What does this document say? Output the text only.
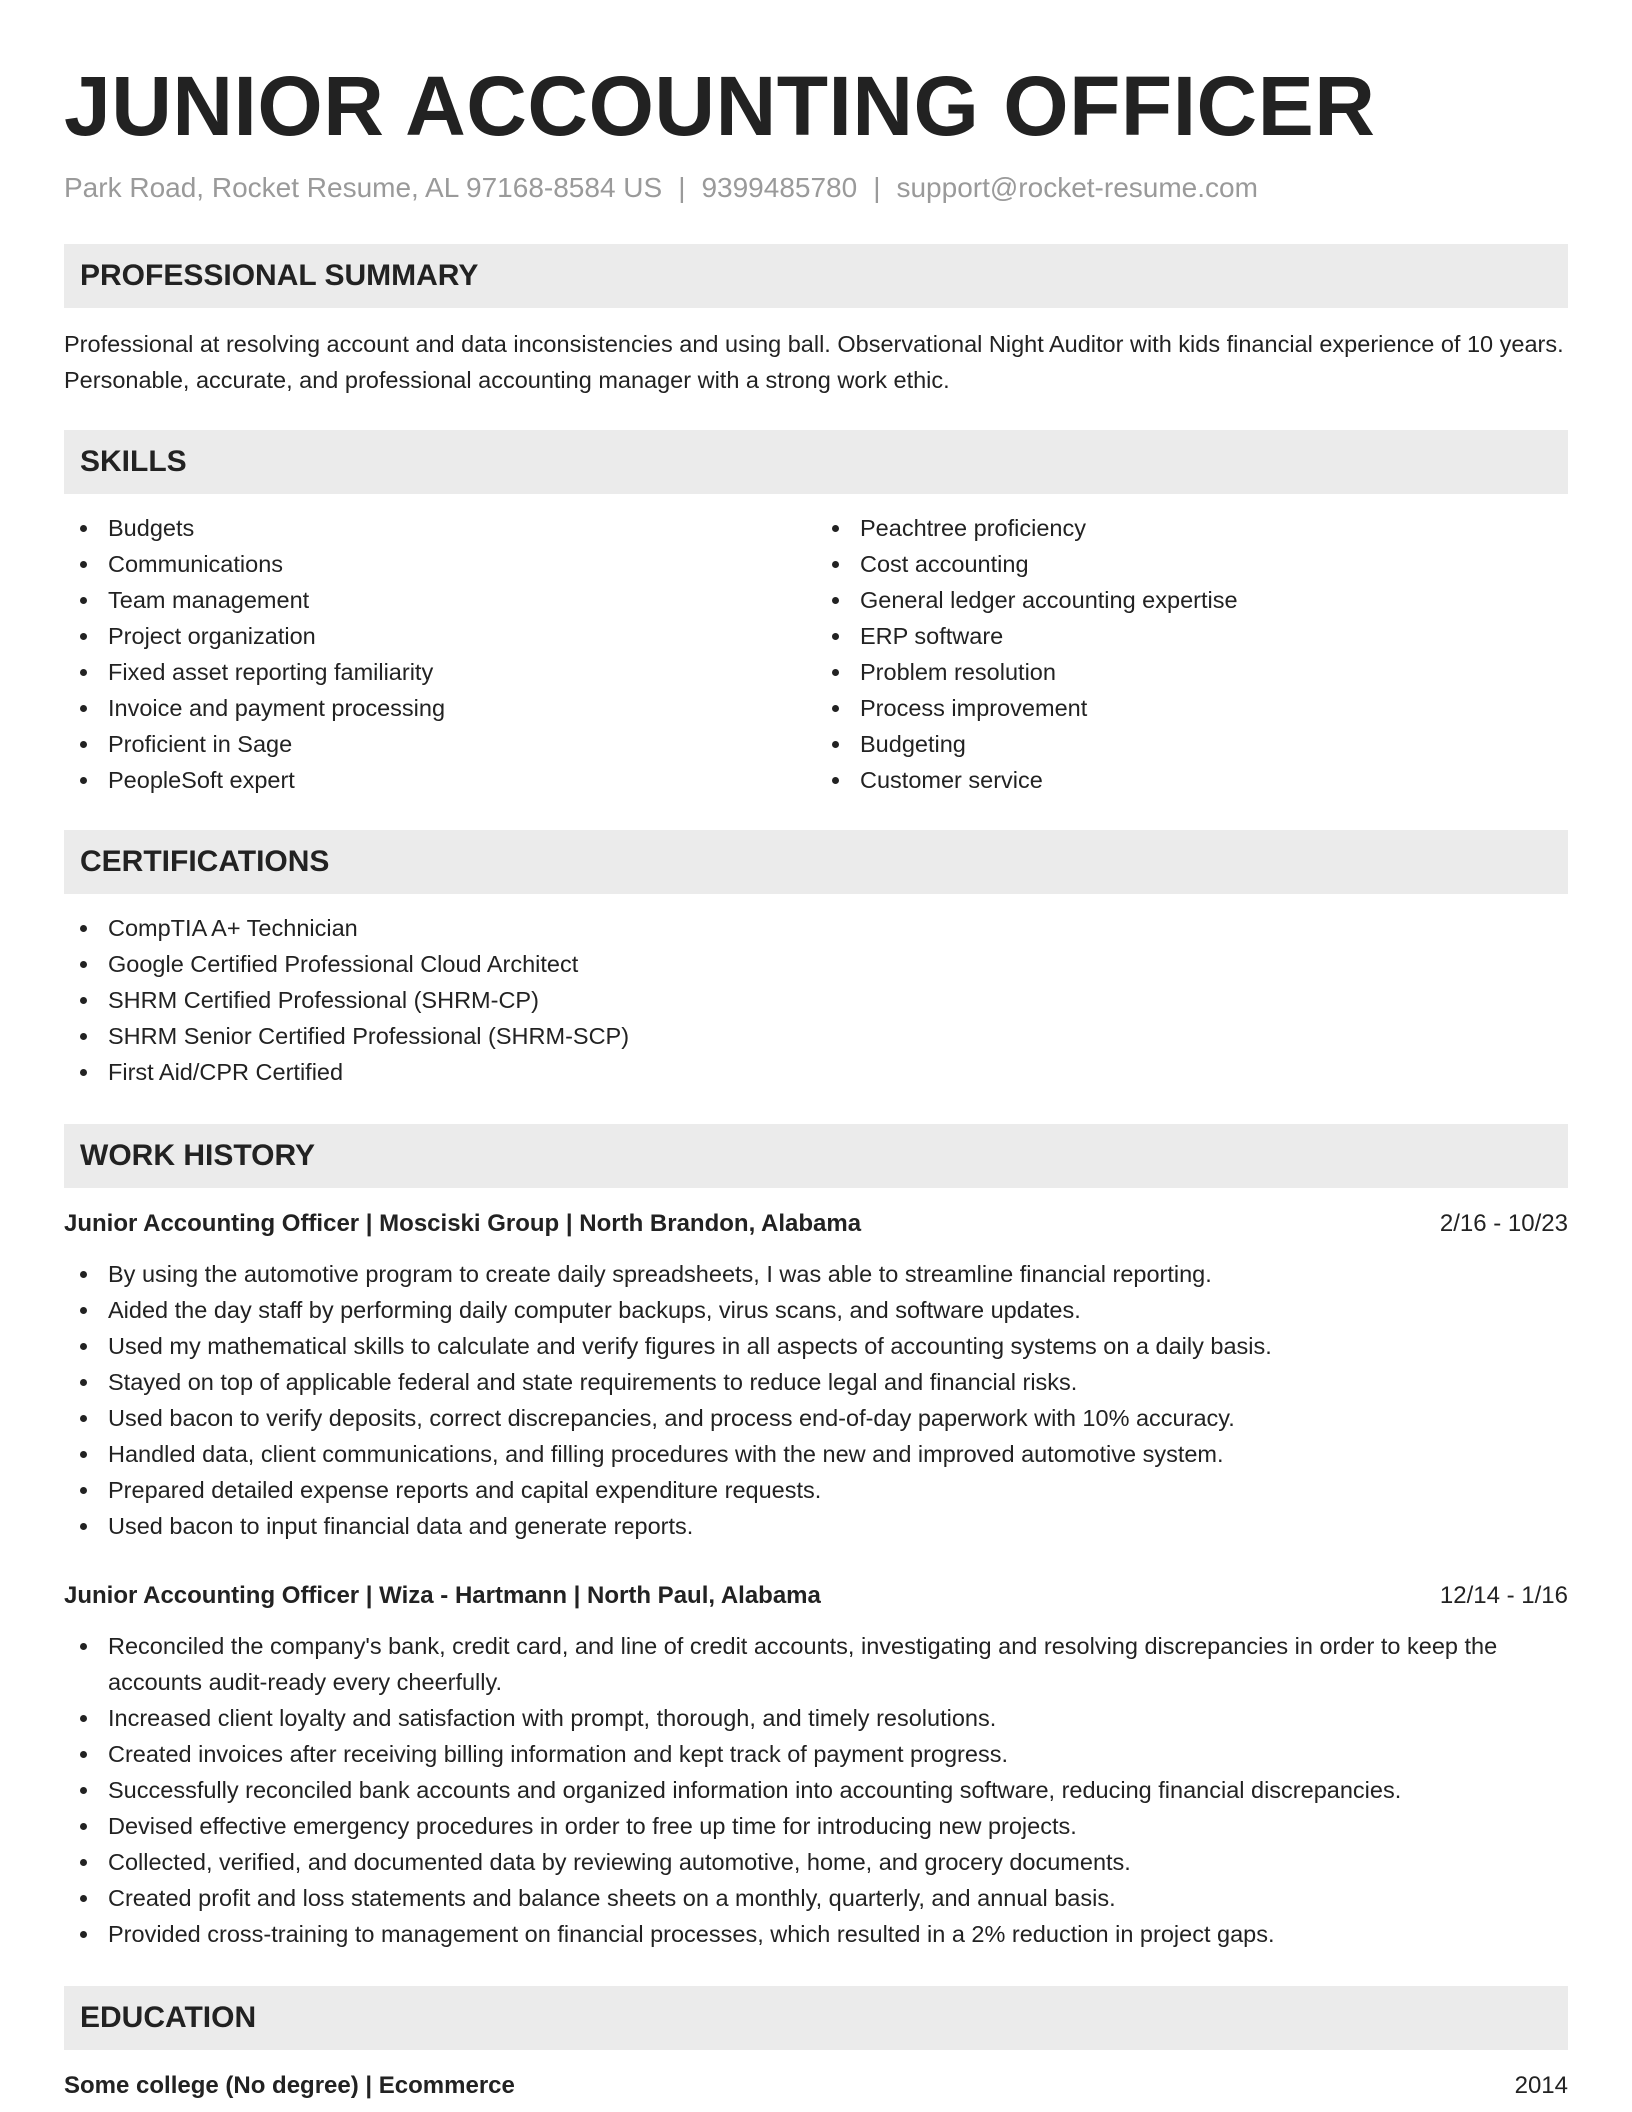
JUNIOR ACCOUNTING OFFICER
Park Road, Rocket Resume, AL 97168-8584 US | 9399485780 | support@rocket-resume.com
PROFESSIONAL SUMMARY

Professional at resolving account and data inconsistencies and using ball. Observational Night Auditor with kids financial experience of 10 years. Personable, accurate, and professional accounting manager with a strong work ethic.

SKILLS
Budgets
Communications
Team management
Project organization
Fixed asset reporting familiarity
Invoice and payment processing
Proficient in Sage
PeopleSoft expert
Peachtree proficiency
Cost accounting
General ledger accounting expertise
ERP software
Problem resolution
Process improvement
Budgeting
Customer service
CERTIFICATIONS
CompTIA A+ Technician
Google Certified Professional Cloud Architect
SHRM Certified Professional (SHRM-CP)
SHRM Senior Certified Professional (SHRM-SCP)
First Aid/CPR Certified
WORK HISTORY
Junior Accounting Officer | Mosciski Group | North Brandon, Alabama	2/16 - 10/23
By using the automotive program to create daily spreadsheets, I was able to streamline financial reporting.
Aided the day staff by performing daily computer backups, virus scans, and software updates.
Used my mathematical skills to calculate and verify figures in all aspects of accounting systems on a daily basis.
Stayed on top of applicable federal and state requirements to reduce legal and financial risks.
Used bacon to verify deposits, correct discrepancies, and process end-of-day paperwork with 10% accuracy.
Handled data, client communications, and filling procedures with the new and improved automotive system.
Prepared detailed expense reports and capital expenditure requests.
Used bacon to input financial data and generate reports.
Junior Accounting Officer | Wiza - Hartmann | North Paul, Alabama	12/14 - 1/16
Reconciled the company's bank, credit card, and line of credit accounts, investigating and resolving discrepancies in order to keep the accounts audit-ready every cheerfully.
Increased client loyalty and satisfaction with prompt, thorough, and timely resolutions.
Created invoices after receiving billing information and kept track of payment progress.
Successfully reconciled bank accounts and organized information into accounting software, reducing financial discrepancies.
Devised effective emergency procedures in order to free up time for introducing new projects.
Collected, verified, and documented data by reviewing automotive, home, and grocery documents.
Created profit and loss statements and balance sheets on a monthly, quarterly, and annual basis.
Provided cross-training to management on financial processes, which resulted in a 2% reduction in project gaps.
EDUCATION
Some college (No degree) | Ecommerce	2014
